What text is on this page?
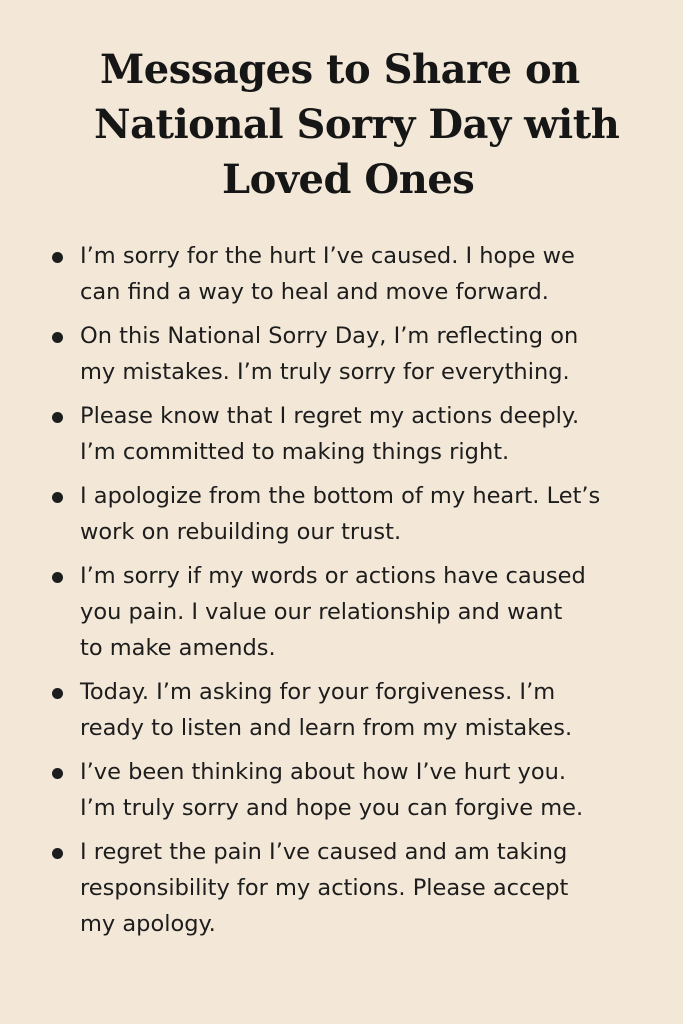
Messages to Share on
National Sorry Day with
Loved Ones
I’m sorry for the hurt I’ve caused. I hope we
can find a way to heal and move forward.
On this National Sorry Day, I’m reflecting on
my mistakes. I’m truly sorry for everything.
Please know that I regret my actions deeply.
I’m committed to making things right.
I apologize from the bottom of my heart. Let’s
work on rebuilding our trust.
I’m sorry if my words or actions have caused
you pain. I value our relationship and want
to make amends.
Today. I’m asking for your forgiveness. I’m
ready to listen and learn from my mistakes.
I’ve been thinking about how I’ve hurt you.
I’m truly sorry and hope you can forgive me.
I regret the pain I’ve caused and am taking
responsibility for my actions. Please accept
my apology.
